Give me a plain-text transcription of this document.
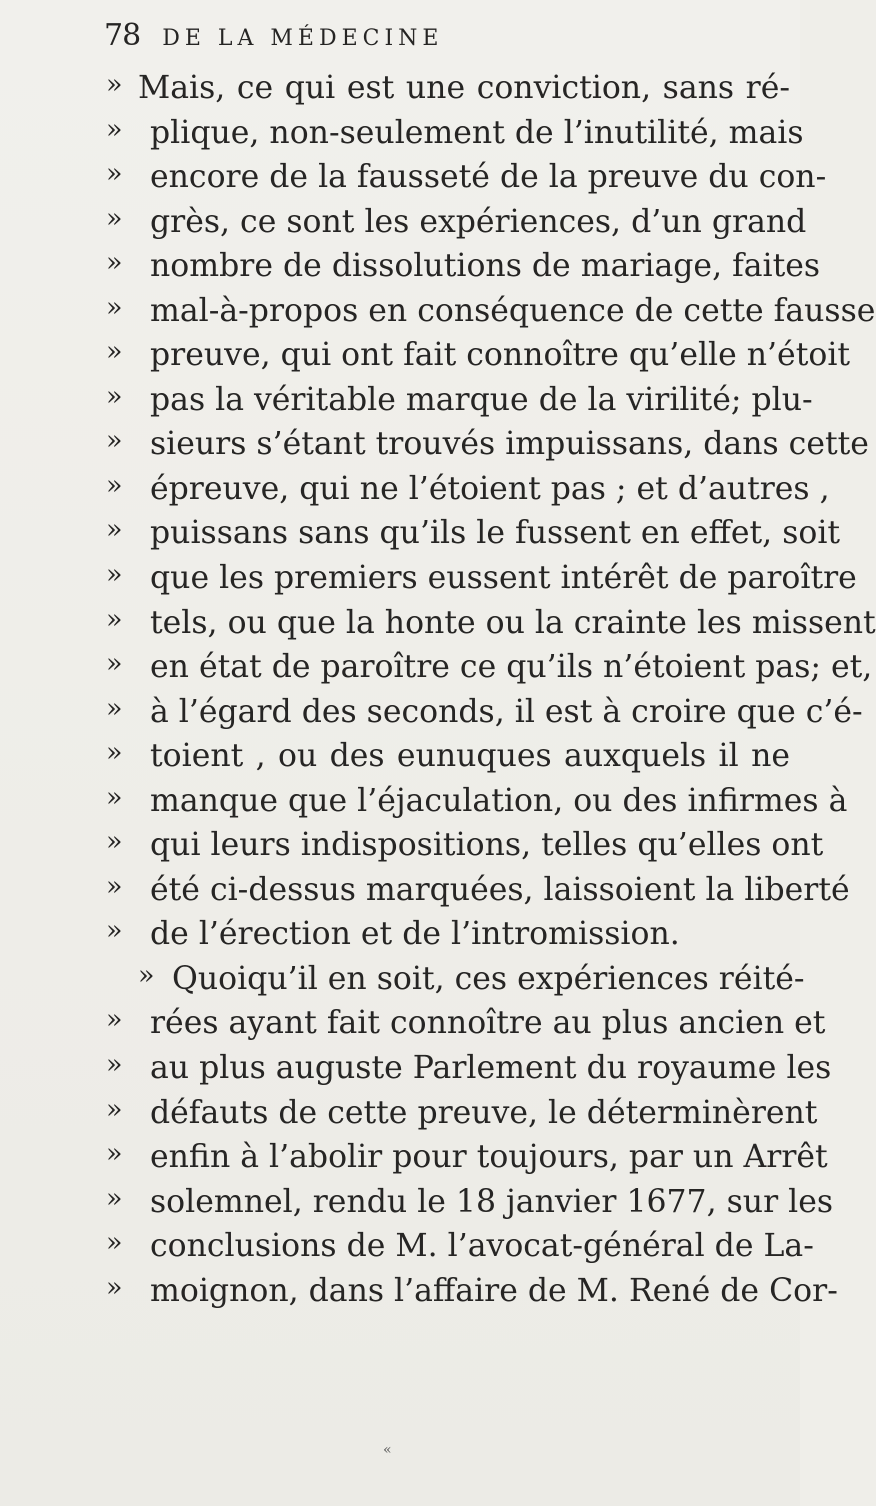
78 DE LA MÉDECINE
» Mais, ce qui est une conviction, sans ré-
» plique, non-seulement de l’inutilité, mais
» encore de la fausseté de la preuve du con-
» grès, ce sont les expériences, d’un grand
» nombre de dissolutions de mariage, faites
» mal-à-propos en conséquence de cette fausse
» preuve, qui ont fait connoître qu’elle n’étoit
» pas la véritable marque de la virilité; plu-
» sieurs s’étant trouvés impuissans, dans cette
» épreuve, qui ne l’étoient pas ; et d’autres ,
» puissans sans qu’ils le fussent en effet, soit
» que les premiers eussent intérêt de paroître
» tels, ou que la honte ou la crainte les missent
» en état de paroître ce qu’ils n’étoient pas; et,
» à l’égard des seconds, il est à croire que c’é-
» toient , ou des eunuques auxquels il ne
» manque que l’éjaculation, ou des infirmes à
» qui leurs indispositions, telles qu’elles ont
» été ci-dessus marquées, laissoient la liberté
» de l’érection et de l’intromission.
» Quoiqu’il en soit, ces expériences réité-
» rées ayant fait connoître au plus ancien et
» au plus auguste Parlement du royaume les
» défauts de cette preuve, le déterminèrent
» enfin à l’abolir pour toujours, par un Arrêt
» solemnel, rendu le 18 janvier 1677, sur les
» conclusions de M. l’avocat-général de La-
» moignon, dans l’affaire de M. René de Cor-
«
